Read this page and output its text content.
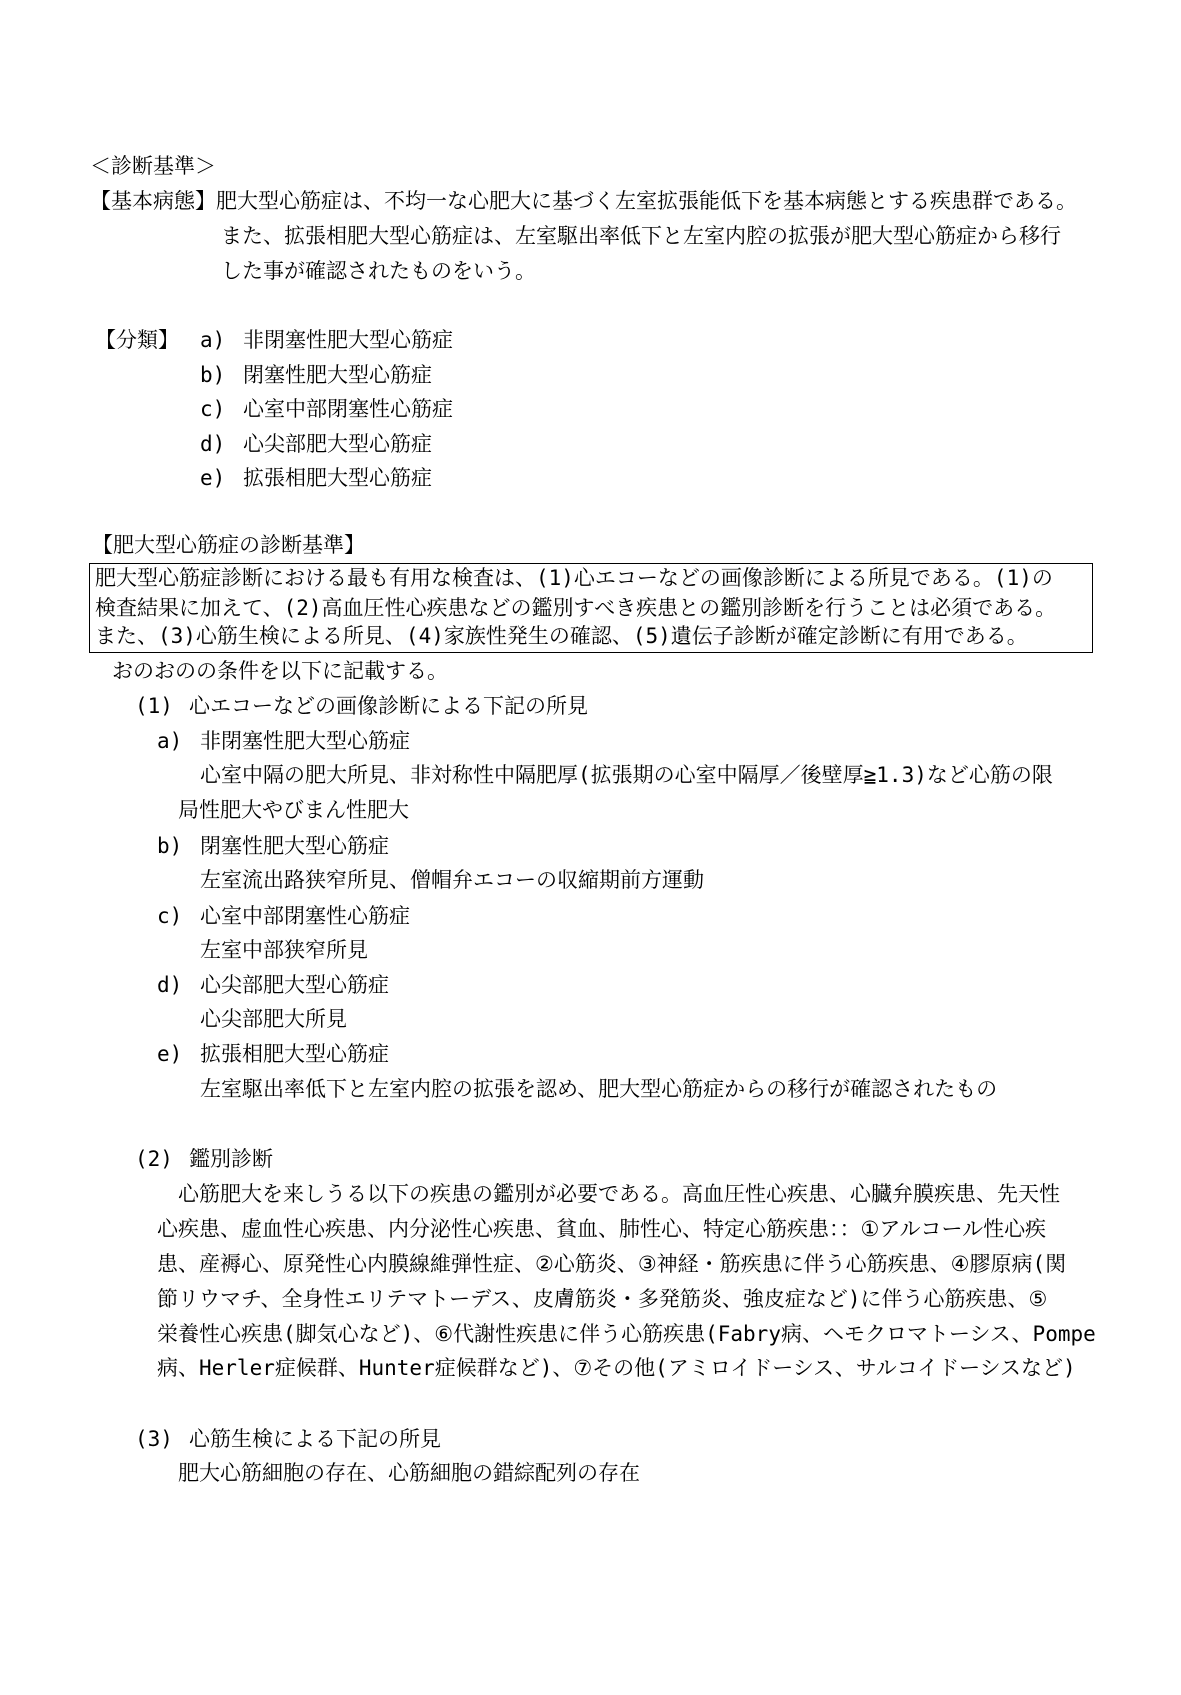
＜診断基準＞
【基本病態】 肥大型心筋症は、不均一な心肥大に基づく左室拡張能低下を基本病態とする疾患群である。
また、拡張相肥大型心筋症は、左室駆出率低下と左室内腔の拡張が肥大型心筋症から移行
した事が確認されたものをいう。
【分類】 a) 非閉塞性肥大型心筋症
b) 閉塞性肥大型心筋症
c) 心室中部閉塞性心筋症
d) 心尖部肥大型心筋症
e) 拡張相肥大型心筋症
【肥大型心筋症の診断基準】
肥大型心筋症診断における最も有用な検査は、(1)心エコーなどの画像診断による所見である。(1)の
検査結果に加えて、(2)高血圧性心疾患などの鑑別すべき疾患との鑑別診断を行うことは必須である。
また、(3)心筋生検による所見、(4)家族性発生の確認、(5)遺伝子診断が確定診断に有用である。
おのおのの条件を以下に記載する。
(1) 心エコーなどの画像診断による下記の所見
a) 非閉塞性肥大型心筋症
心室中隔の肥大所見、非対称性中隔肥厚(拡張期の心室中隔厚／後壁厚≧1.3)など心筋の限
局性肥大やびまん性肥大
b) 閉塞性肥大型心筋症
左室流出路狭窄所見、僧帽弁エコーの収縮期前方運動
c) 心室中部閉塞性心筋症
左室中部狭窄所見
d) 心尖部肥大型心筋症
心尖部肥大所見
e) 拡張相肥大型心筋症
左室駆出率低下と左室内腔の拡張を認め、肥大型心筋症からの移行が確認されたもの
(2) 鑑別診断
心筋肥大を来しうる以下の疾患の鑑別が必要である。高血圧性心疾患、心臓弁膜疾患、先天性
心疾患、虚血性心疾患、内分泌性心疾患、貧血、肺性心、特定心筋疾患：：①アルコール性心疾
患、産褥心、原発性心内膜線維弾性症、②心筋炎、③神経・筋疾患に伴う心筋疾患、④膠原病(関
節リウマチ、全身性エリテマトーデス、皮膚筋炎・多発筋炎、強皮症など)に伴う心筋疾患、⑤
栄養性心疾患(脚気心など)、⑥代謝性疾患に伴う心筋疾患(Fabry病、ヘモクロマトーシス、Pompe
病、Herler症候群、Hunter症候群など)、⑦その他(アミロイドーシス、サルコイドーシスなど)
(3) 心筋生検による下記の所見
肥大心筋細胞の存在、心筋細胞の錯綜配列の存在
